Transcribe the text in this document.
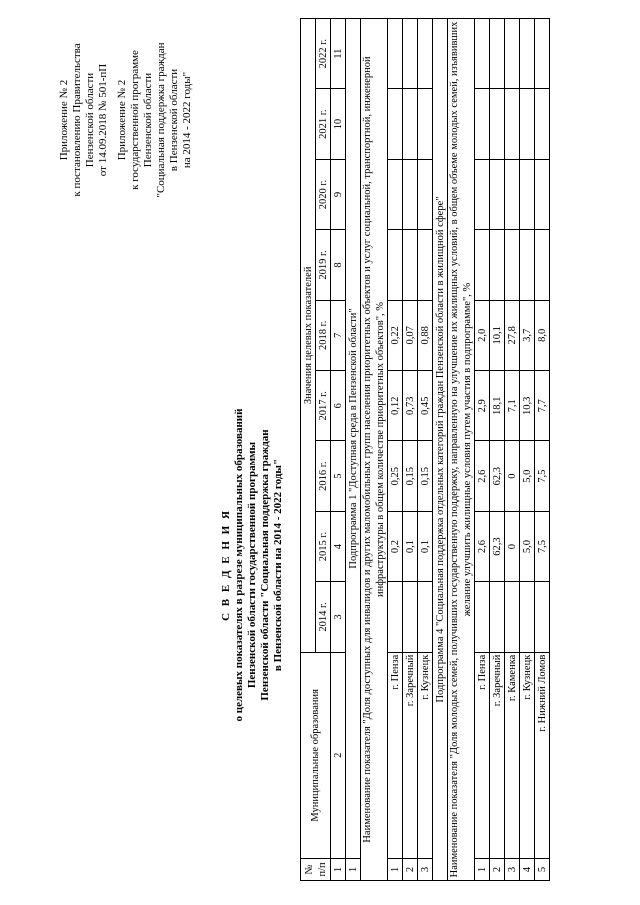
Приложение № 2 к постановлению Правительства Пензенской области от 14.09.2018 № 501-пП Приложение № 2 к государственной программе Пензенской области "Социальная поддержка граждан в Пензенской области на 2014 - 2022 годы"
С В Е Д Е Н И Я о целевых показателях в разрезе муниципальных образований Пензенской области государственной программы Пензенской области "Социальная поддержка граждан в Пензенской области на 2014 - 2022 годы"
№ п/п	Муниципальные образования	Значения целевых показателей								
		2014 г.	2015 г.	2016 г.	2017 г.	2018 г.	2019 г.	2020 г.	2021 г.	2022 г.
1	2	3	4	5	6	7	8	9	10	11
1	Подпрограмма 1 "Доступная среда в Пензенской области"									
Наименование показателя "Доля доступных для инвалидов и других маломобильных групп населения приоритетных объектов и услуг социальной, транспортной, инженерной инфраструктуры в общем количестве приоритетных объектов", %										
1	г. Пенза		0,2	0,25	0,12	0,22				
2	г. Заречный		0,1	0,15	0,73	0,07				
3	г. Кузнецк		0,1	0,15	0,45	0,88				
Подпрограмма 4 "Социальная поддержка отдельных категорий граждан Пензенской области в жилищной сфере"										
Наименование показателя "Доля молодых семей, получивших государственную поддержку, направленную на улучшение их жилищных условий, в общем объеме молодых семей, изъявивших желание улучшить жилищные условия путем участия в подпрограмме", %										
1	г. Пенза		2,6	2,6	2,9	2,0				
2	г. Заречный		62,3	62,3	18,1	10,1				
3	г. Каменка		0	0	7,1	27,8				
4	г. Кузнецк		5,0	5,0	10,3	3,7				
5	г. Нижний Ломов		7,5	7,5	7,7	8,0				
